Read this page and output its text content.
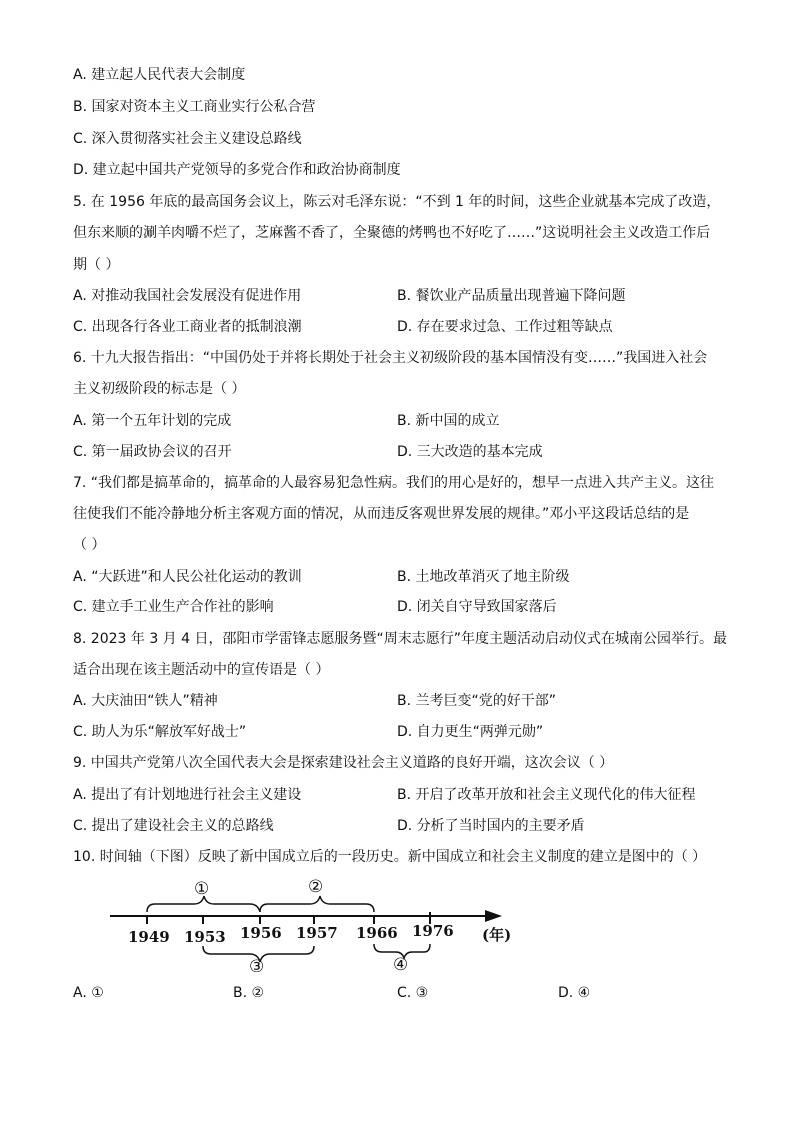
A. 建立起人民代表大会制度
B. 国家对资本主义工商业实行公私合营
C. 深入贯彻落实社会主义建设总路线
D. 建立起中国共产党领导的多党合作和政治协商制度
5. 在 1956 年底的最高国务会议上，陈云对毛泽东说：“不到 1 年的时间，这些企业就基本完成了改造，
但东来顺的涮羊肉嚼不烂了，芝麻酱不香了，全聚德的烤鸭也不好吃了……”这说明社会主义改造工作后
期（ ）
A. 对推动我国社会发展没有促进作用	B. 餐饮业产品质量出现普遍下降问题
C. 出现各行各业工商业者的抵制浪潮	D. 存在要求过急、工作过粗等缺点
6. 十九大报告指出：“中国仍处于并将长期处于社会主义初级阶段的基本国情没有变……”我国进入社会
主义初级阶段的标志是（ ）
A. 第一个五年计划的完成	B. 新中国的成立
C. 第一届政协会议的召开	D. 三大改造的基本完成
7. “我们都是搞革命的，搞革命的人最容易犯急性病。我们的用心是好的，想早一点进入共产主义。这往
往使我们不能冷静地分析主客观方面的情况，从而违反客观世界发展的规律。”邓小平这段话总结的是
（ ）
A. “大跃进”和人民公社化运动的教训	B. 土地改革消灭了地主阶级
C. 建立手工业生产合作社的影响	D. 闭关自守导致国家落后
8. 2023 年 3 月 4 日，邵阳市学雷锋志愿服务暨“周末志愿行”年度主题活动启动仪式在城南公园举行。最
适合出现在该主题活动中的宣传语是（ ）
A. 大庆油田“铁人”精神	B. 兰考巨变“党的好干部”
C. 助人为乐“解放军好战士”	D. 自力更生“两弹元勋”
9. 中国共产党第八次全国代表大会是探索建设社会主义道路的良好开端，这次会议（ ）
A. 提出了有计划地进行社会主义建设	B. 开启了改革开放和社会主义现代化的伟大征程
C. 提出了建设社会主义的总路线	D. 分析了当时国内的主要矛盾
10. 时间轴（下图）反映了新中国成立后的一段历史。新中国成立和社会主义制度的建立是图中的（ ）
1949 1953 1956 1957 1966 1976 (年)
①	②
③	④
A. ①	B. ②	C. ③	D. ④
